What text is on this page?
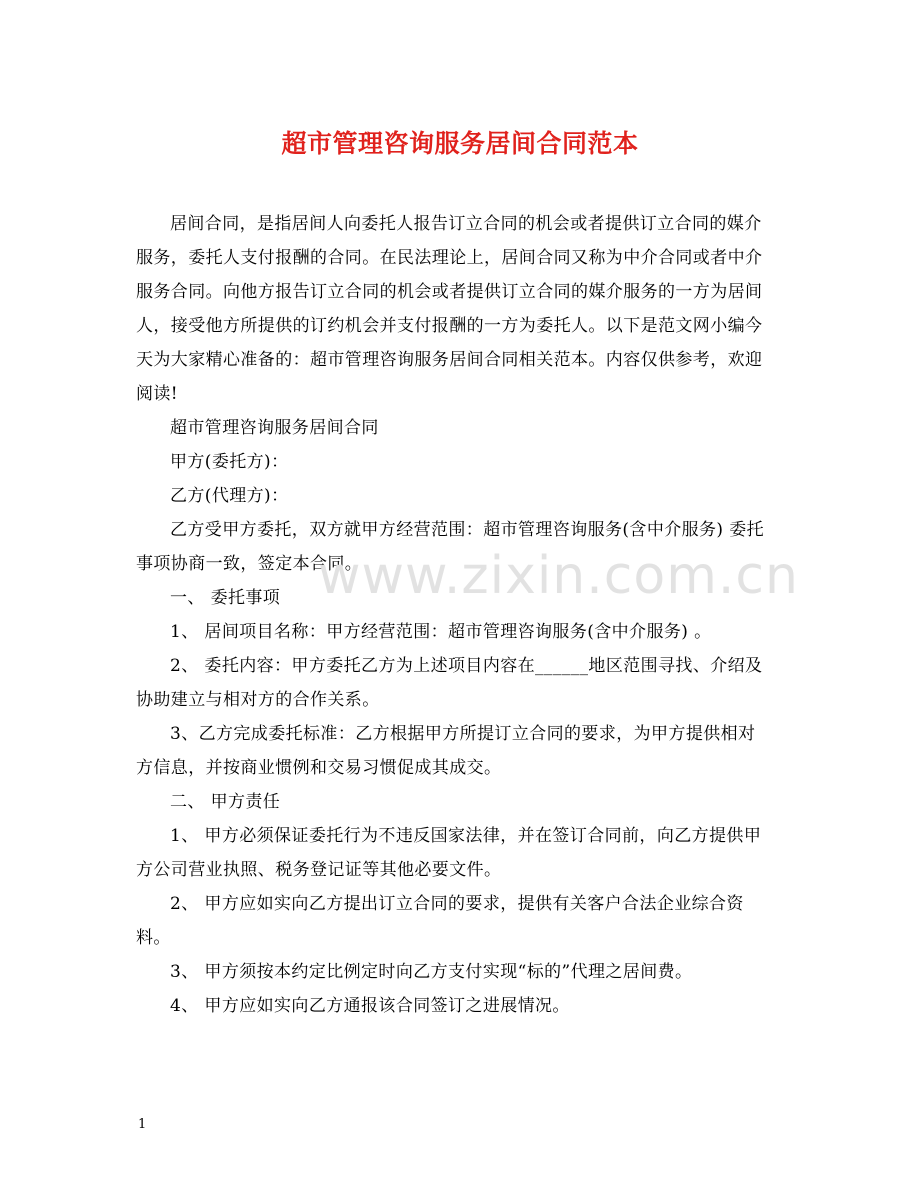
超市管理咨询服务居间合同范本

居间合同，是指居间人向委托人报告订立合同的机会或者提供订立合同的媒介服务，委托人支付报酬的合同。在民法理论上，居间合同又称为中介合同或者中介服务合同。向他方报告订立合同的机会或者提供订立合同的媒介服务的一方为居间人，接受他方所提供的订约机会并支付报酬的一方为委托人。以下是范文网小编今天为大家精心准备的：超市管理咨询服务居间合同相关范本。内容仅供参考，欢迎阅读!

超市管理咨询服务居间合同

甲方(委托方)：

乙方(代理方)：

乙方受甲方委托，双方就甲方经营范围：超市管理咨询服务(含中介服务) 委托事项协商一致，签定本合同。

一、 委托事项

1、 居间项目名称：甲方经营范围：超市管理咨询服务(含中介服务) 。

2、 委托内容：甲方委托乙方为上述项目内容在______地区范围寻找、介绍及协助建立与相对方的合作关系。

3、乙方完成委托标准：乙方根据甲方所提订立合同的要求，为甲方提供相对方信息，并按商业惯例和交易习惯促成其成交。

二、 甲方责任

1、 甲方必须保证委托行为不违反国家法律，并在签订合同前，向乙方提供甲方公司营业执照、税务登记证等其他必要文件。

2、 甲方应如实向乙方提出订立合同的要求，提供有关客户合法企业综合资料。

3、 甲方须按本约定比例定时向乙方支付实现“标的”代理之居间费。

4、 甲方应如实向乙方通报该合同签订之进展情况。

www.zixin.com.cn
1
